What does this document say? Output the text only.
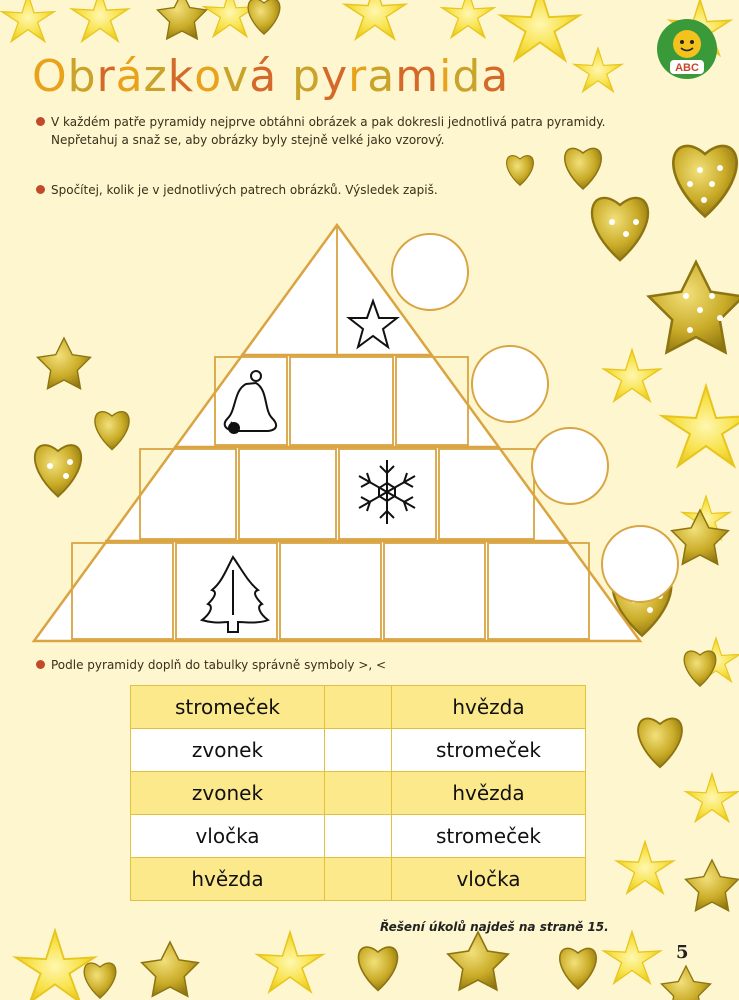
ABC
Obrázková pyramida
V každém patře pyramidy nejprve obtáhni obrázek a pak dokresli jednotlivá patra pyramidy.
Nepřetahuj a snaž se, aby obrázky byly stejně velké jako vzorový.
Spočítej, kolik je v jednotlivých patrech obrázků. Výsledek zapiš.
Podle pyramidy doplň do tabulky správně symboly >, <
stromeček		hvězda
zvonek		stromeček
zvonek		hvězda
vločka		stromeček
hvězda		vločka
Řešení úkolů najdeš na straně 15.
5
